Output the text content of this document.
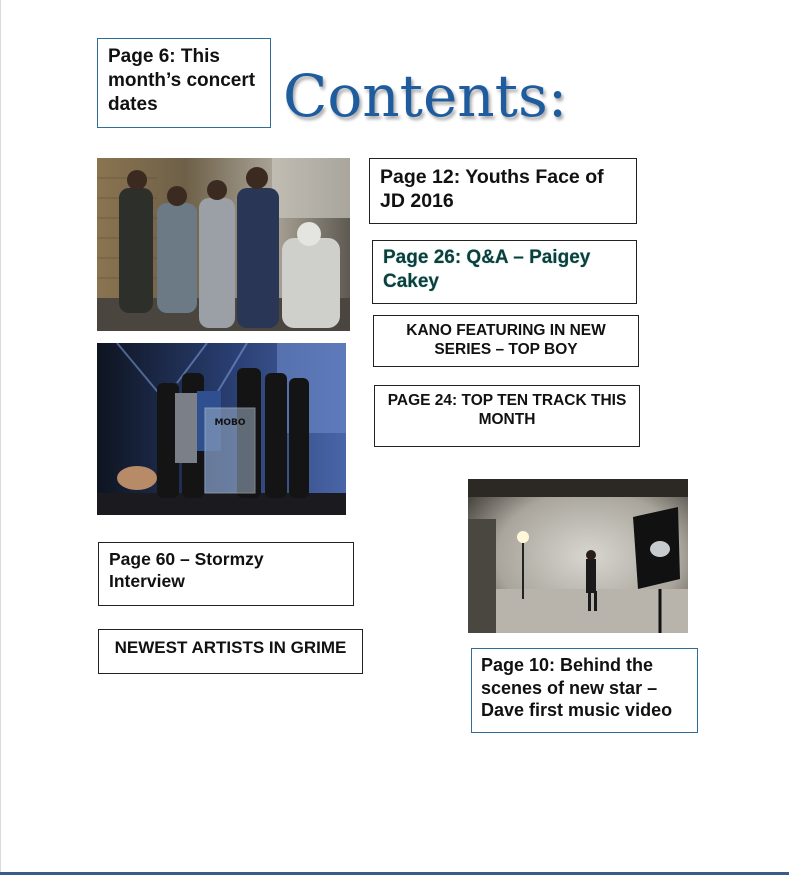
Contents:
Page 6: This month’s concert dates
Page 12: Youths Face of JD 2016
Page 26: Q&A – Paigey Cakey
KANO FEATURING IN NEW SERIES – TOP BOY
PAGE 24: TOP TEN TRACK THIS MONTH
Page 60 – Stormzy Interview
NEWEST ARTISTS IN GRIME
Page 10: Behind the scenes of new star – Dave first music video
MOBO
